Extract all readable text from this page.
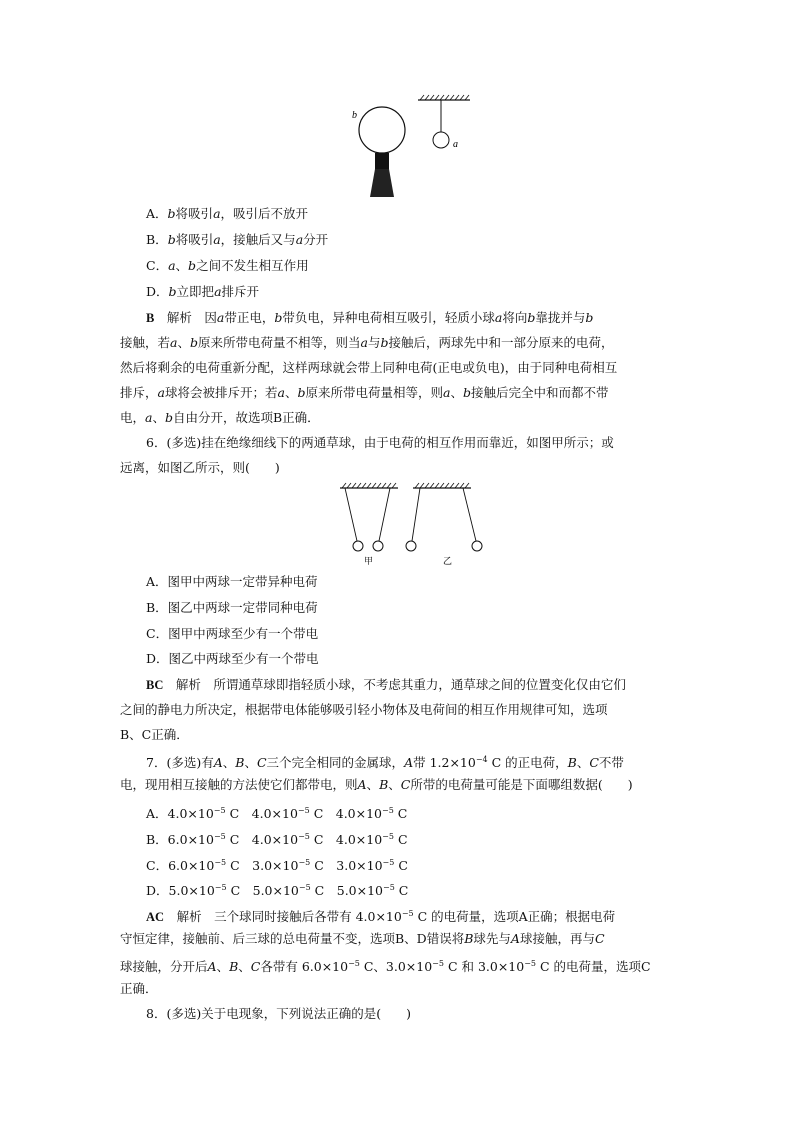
a
b
A．b将吸引a，吸引后不放开
B．b将吸引a，接触后又与a分开
C．a、b之间不发生相互作用
D．b立即把a排斥开
B　 解析　 因a带正电，b带负电，异种电荷相互吸引，轻质小球a将向b靠拢并与b
接触，若a、b原来所带电荷量不相等，则当a与b接触后，两球先中和一部分原来的电荷，
然后将剩余的电荷重新分配，这样两球就会带上同种电荷(正电或负电)，由于同种电荷相互
排斥，a球将会被排斥开；若a、b原来所带电荷量相等，则a、b接触后完全中和而都不带
电，a、b自由分开，故选项B正确．
6．(多选)挂在绝缘细线下的两通草球，由于电荷的相互作用而靠近，如图甲所示；或
远离，如图乙所示，则(　　)
甲	乙
A．图甲中两球一定带异种电荷
B．图乙中两球一定带同种电荷
C．图甲中两球至少有一个带电
D．图乙中两球至少有一个带电
BC　 解析　 所谓通草球即指轻质小球，不考虑其重力，通草球之间的位置变化仅由它们
之间的静电力所决定，根据带电体能够吸引轻小物体及电荷间的相互作用规律可知，选项
B、C正确．
7．(多选)有A、B、C三个完全相同的金属球，A带 $1.2\times 10^{-4}$ C 的正电荷，B、C不带
电，现用相互接触的方法使它们都带电，则A、B、C所带的电荷量可能是下面哪组数据(　　)
A．$4.0\times 10^{-5}$ C　$4.0\times 10^{-5}$ C　$4.0\times 10^{-5}$ C
B．$6.0\times 10^{-5}$ C　$4.0\times 10^{-5}$ C　$4.0\times 10^{-5}$ C
C．$6.0\times 10^{-5}$ C　$3.0\times 10^{-5}$ C　$3.0\times 10^{-5}$ C
D．$5.0\times 10^{-5}$ C　$5.0\times 10^{-5}$ C　$5.0\times 10^{-5}$ C
AC　 解析　 三个球同时接触后各带有 $4.0\times 10^{-5}$ C 的电荷量，选项A正确；根据电荷
守恒定律，接触前、后三球的总电荷量不变，选项B、D错误将B球先与A球接触，再与C
球接触，分开后A、B、C各带有 $6.0\times 10^{-5}$ C、$3.0\times 10^{-5}$ C 和 $3.0\times 10^{-5}$ C 的电荷量，选项C
正确．
8．(多选)关于电现象，下列说法正确的是(　　)
